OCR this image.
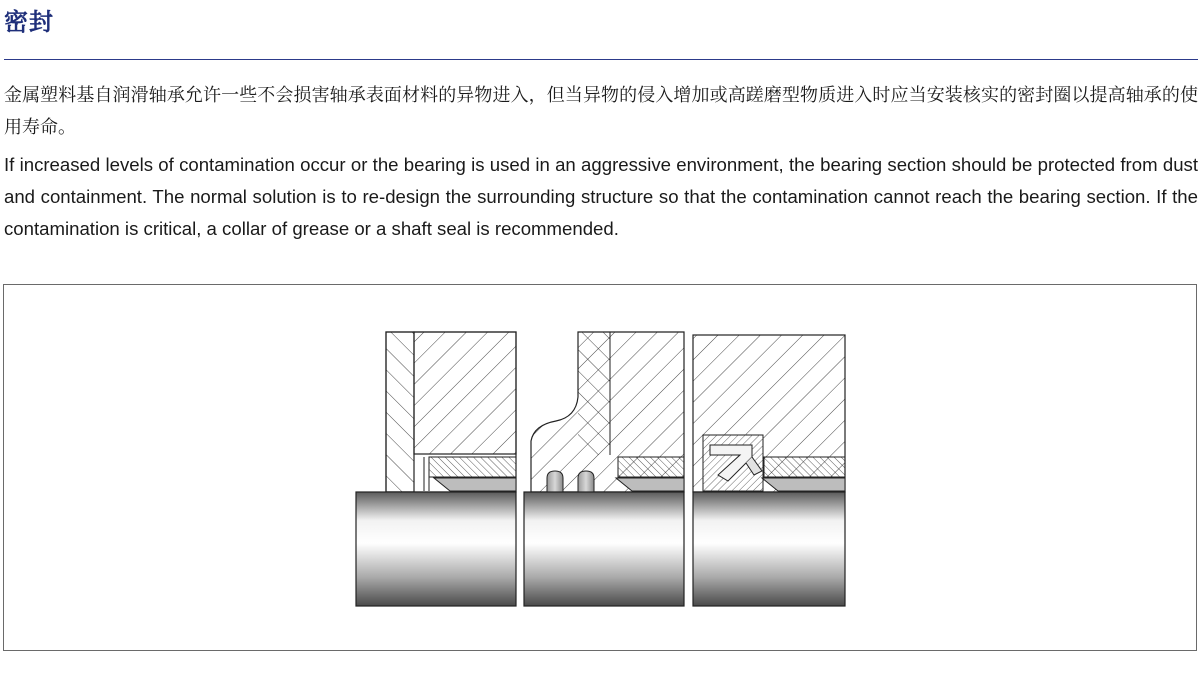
密封

金属塑料基自润滑轴承允许一些不会损害轴承表面材料的异物进入，但当异物的侵入增加或高蹉磨型物质进入时应当安装核实的密封圈以提高轴承的使用寿命。

If increased levels of contamination occur or the bearing is used in an aggressive environment, the bearing section should be protected from dust and containment. The normal solution is to re-design the surrounding structure so that the contamination cannot reach the bearing section. If the contamination is critical, a collar of grease or a shaft seal is recommended.
